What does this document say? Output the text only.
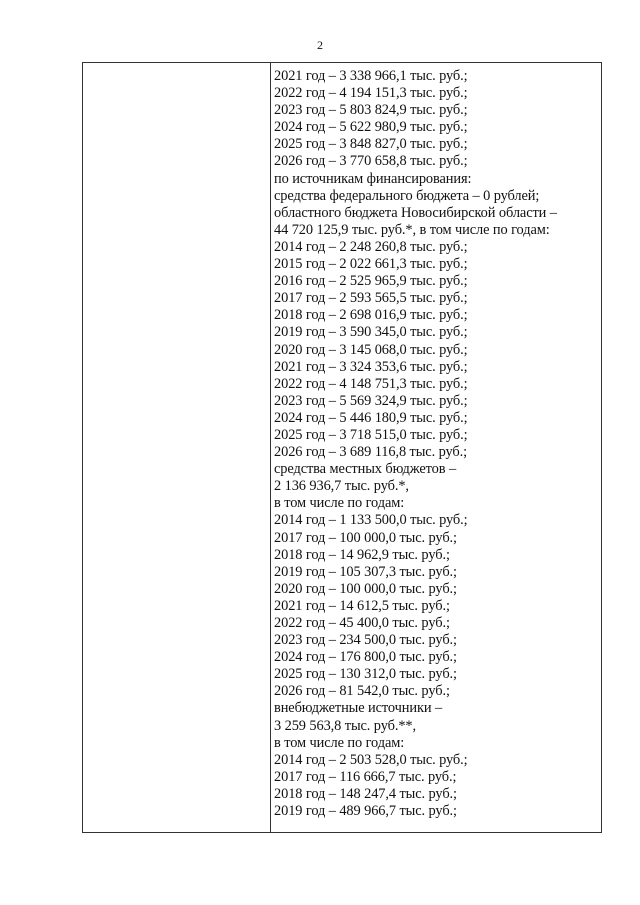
2
2021 год – 3 338 966,1 тыс. руб.;
2022 год – 4 194 151,3 тыс. руб.;
2023 год – 5 803 824,9 тыс. руб.;
2024 год – 5 622 980,9 тыс. руб.;
2025 год – 3 848 827,0 тыс. руб.;
2026 год – 3 770 658,8 тыс. руб.;
по источникам финансирования:
средства федерального бюджета – 0 рублей;
областного бюджета Новосибирской области –
44 720 125,9 тыс. руб.*, в том числе по годам:
2014 год – 2 248 260,8 тыс. руб.;
2015 год – 2 022 661,3 тыс. руб.;
2016 год – 2 525 965,9 тыс. руб.;
2017 год – 2 593 565,5 тыс. руб.;
2018 год – 2 698 016,9 тыс. руб.;
2019 год – 3 590 345,0 тыс. руб.;
2020 год – 3 145 068,0 тыс. руб.;
2021 год – 3 324 353,6 тыс. руб.;
2022 год – 4 148 751,3 тыс. руб.;
2023 год – 5 569 324,9 тыс. руб.;
2024 год – 5 446 180,9 тыс. руб.;
2025 год – 3 718 515,0 тыс. руб.;
2026 год – 3 689 116,8 тыс. руб.;
средства местных бюджетов –
2 136 936,7 тыс. руб.*,
в том числе по годам:
2014 год – 1 133 500,0 тыс. руб.;
2017 год – 100 000,0 тыс. руб.;
2018 год – 14 962,9 тыс. руб.;
2019 год – 105 307,3 тыс. руб.;
2020 год – 100 000,0 тыс. руб.;
2021 год – 14 612,5 тыс. руб.;
2022 год – 45 400,0 тыс. руб.;
2023 год – 234 500,0 тыс. руб.;
2024 год – 176 800,0 тыс. руб.;
2025 год – 130 312,0 тыс. руб.;
2026 год – 81 542,0 тыс. руб.;
внебюджетные источники –
3 259 563,8 тыс. руб.**,
в том числе по годам:
2014 год – 2 503 528,0 тыс. руб.;
2017 год – 116 666,7 тыс. руб.;
2018 год – 148 247,4 тыс. руб.;
2019 год – 489 966,7 тыс. руб.;
